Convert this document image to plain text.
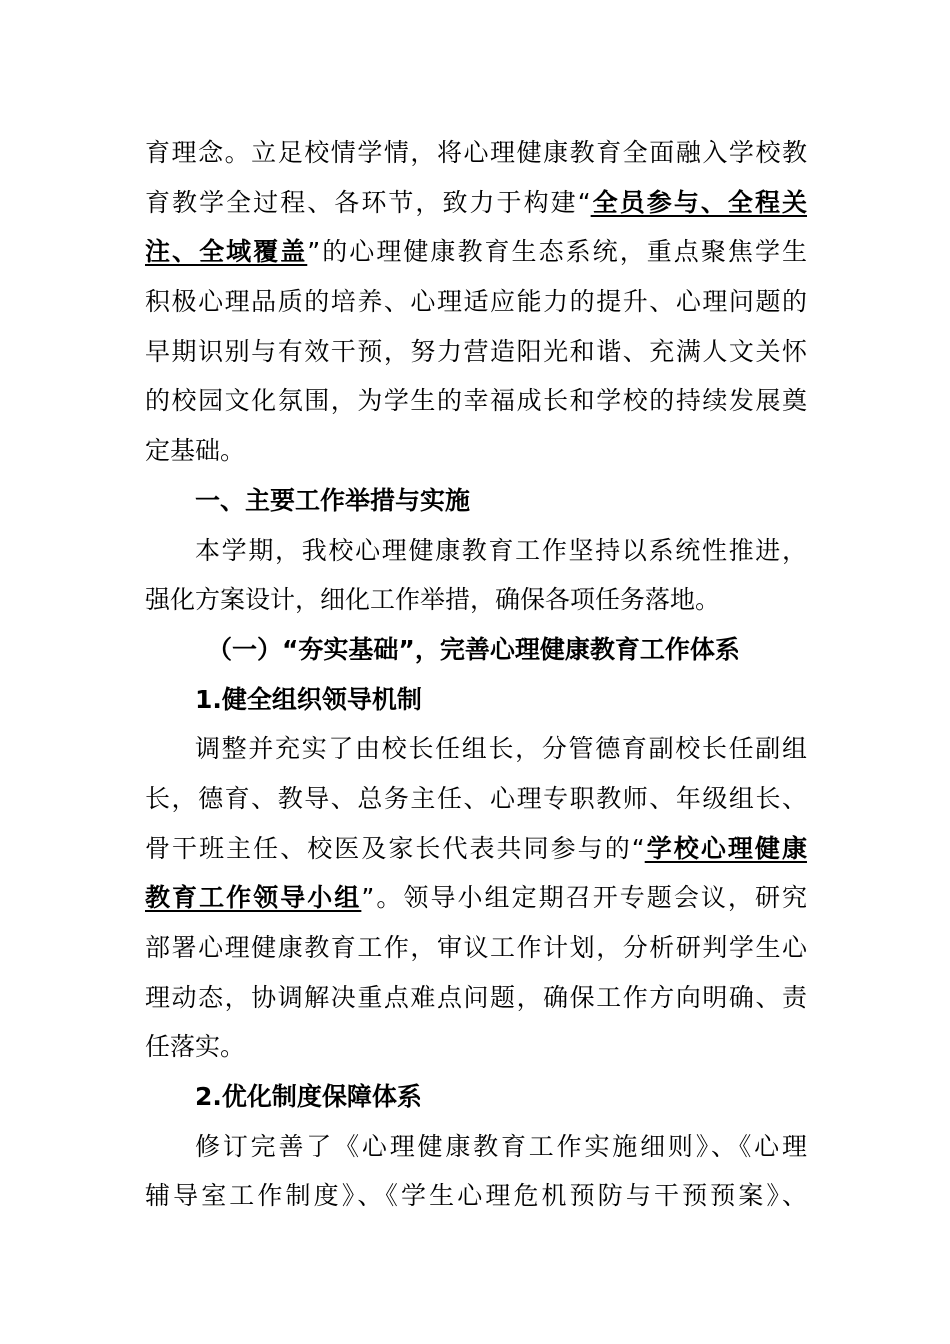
育理念。立足校情学情，将心理健康教育全面融入学校教
育教学全过程、各环节，致力于构建“全员参与、全程关
注、全域覆盖”的心理健康教育生态系统，重点聚焦学生
积极心理品质的培养、心理适应能力的提升、心理问题的
早期识别与有效干预，努力营造阳光和谐、充满人文关怀
的校园文化氛围，为学生的幸福成长和学校的持续发展奠
定基础。
一、主要工作举措与实施
本学期，我校心理健康教育工作坚持以系统性推进，
强化方案设计，细化工作举措，确保各项任务落地。
（一）“夯实基础”，完善心理健康教育工作体系
1.健全组织领导机制
调整并充实了由校长任组长，分管德育副校长任副组
长，德育、教导、总务主任、心理专职教师、年级组长、
骨干班主任、校医及家长代表共同参与的“学校心理健康
教育工作领导小组”。领导小组定期召开专题会议，研究
部署心理健康教育工作，审议工作计划，分析研判学生心
理动态，协调解决重点难点问题，确保工作方向明确、责
任落实。
2.优化制度保障体系
修订完善了《心理健康教育工作实施细则》、《心理
辅导室工作制度》、《学生心理危机预防与干预预案》、
